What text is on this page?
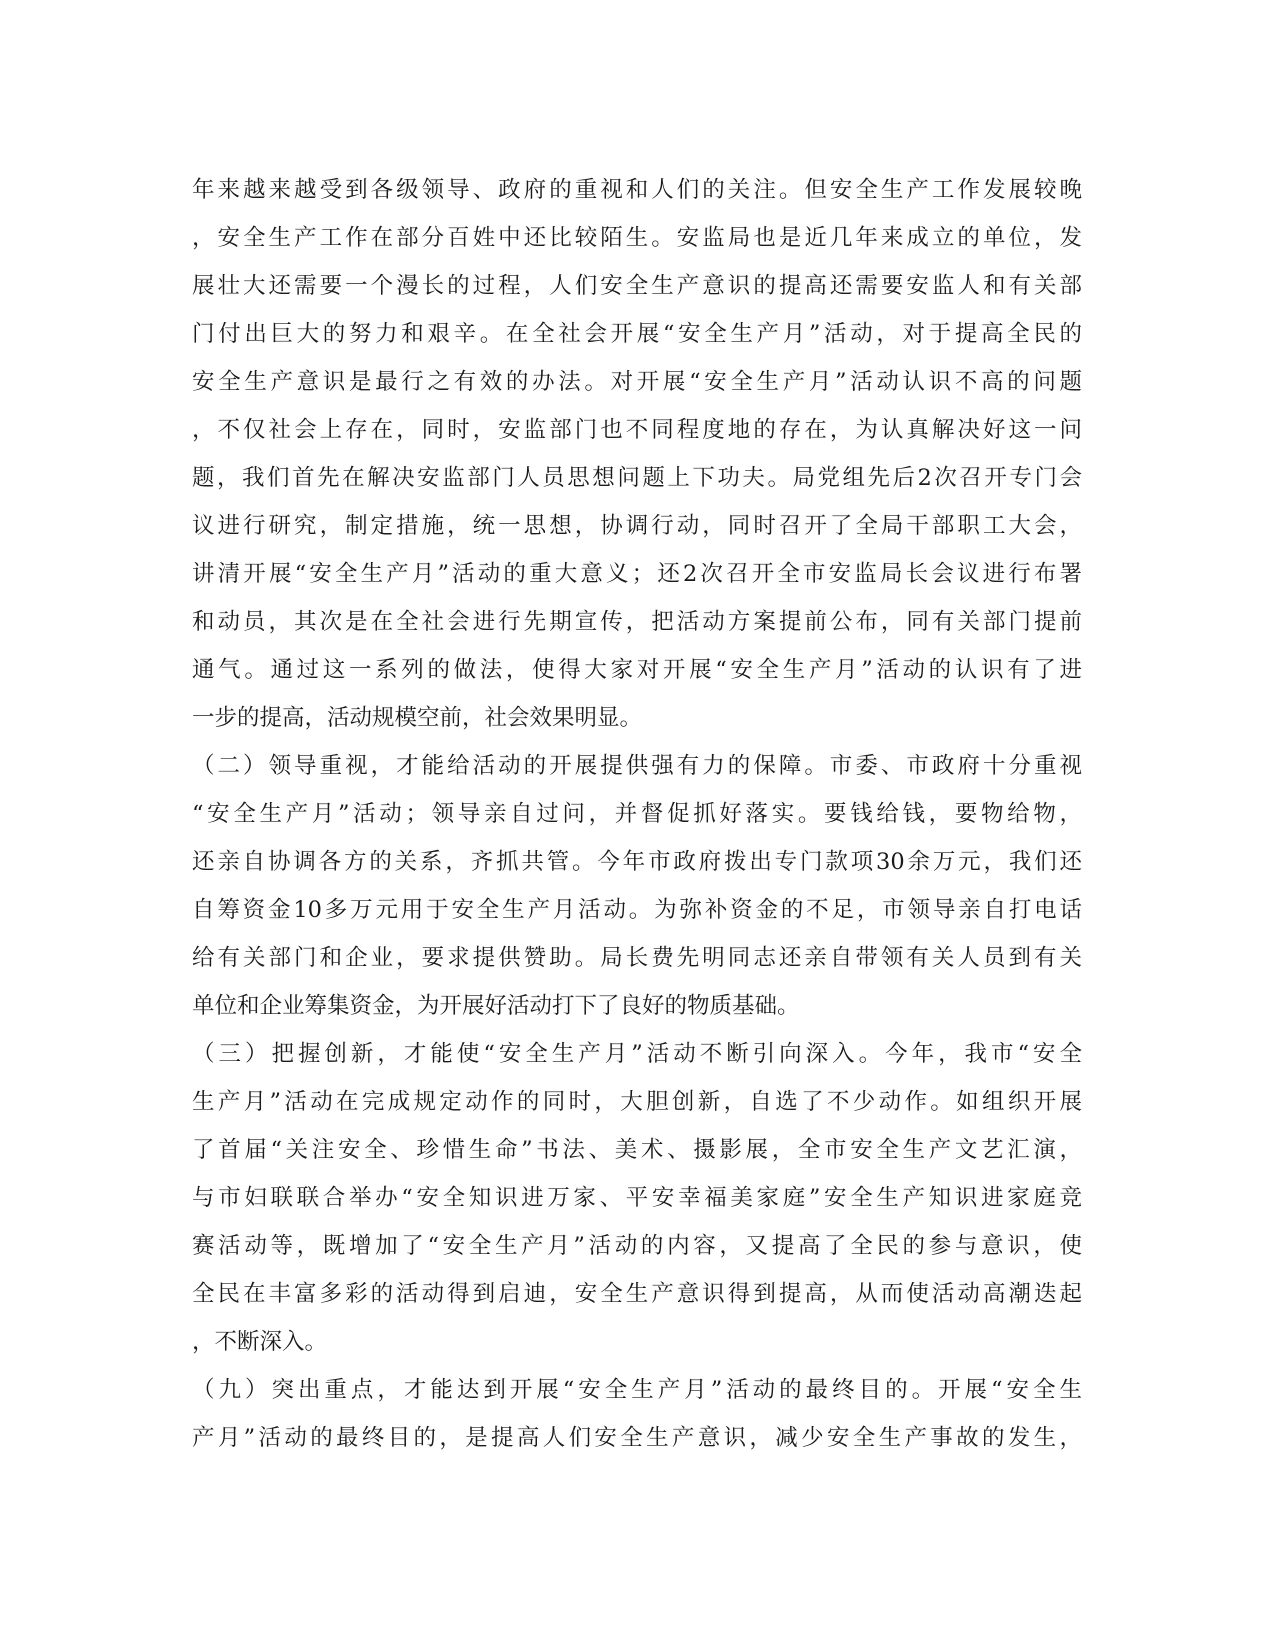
年来越来越受到各级领导、政府的重视和人们的关注。但安全生产工作发展较晚
，安全生产工作在部分百姓中还比较陌生。安监局也是近几年来成立的单位，发
展壮大还需要一个漫长的过程，人们安全生产意识的提高还需要安监人和有关部
门付出巨大的努力和艰辛。在全社会开展“安全生产月”活动，对于提高全民的
安全生产意识是最行之有效的办法。对开展“安全生产月”活动认识不高的问题
，不仅社会上存在，同时，安监部门也不同程度地的存在，为认真解决好这一问
题，我们首先在解决安监部门人员思想问题上下功夫。局党组先后2次召开专门会
议进行研究，制定措施，统一思想，协调行动，同时召开了全局干部职工大会，
讲清开展“安全生产月”活动的重大意义；还2次召开全市安监局长会议进行布署
和动员，其次是在全社会进行先期宣传，把活动方案提前公布，同有关部门提前
通气。通过这一系列的做法，使得大家对开展“安全生产月”活动的认识有了进
一步的提高，活动规模空前，社会效果明显。
（二）领导重视，才能给活动的开展提供强有力的保障。市委、市政府十分重视
“安全生产月”活动；领导亲自过问，并督促抓好落实。要钱给钱，要物给物，
还亲自协调各方的关系，齐抓共管。今年市政府拨出专门款项30余万元，我们还
自筹资金10多万元用于安全生产月活动。为弥补资金的不足，市领导亲自打电话
给有关部门和企业，要求提供赞助。局长费先明同志还亲自带领有关人员到有关
单位和企业筹集资金，为开展好活动打下了良好的物质基础。
（三）把握创新，才能使“安全生产月”活动不断引向深入。今年，我市“安全
生产月”活动在完成规定动作的同时，大胆创新，自选了不少动作。如组织开展
了首届“关注安全、珍惜生命”书法、美术、摄影展，全市安全生产文艺汇演，
与市妇联联合举办“安全知识进万家、平安幸福美家庭”安全生产知识进家庭竞
赛活动等，既增加了“安全生产月”活动的内容，又提高了全民的参与意识，使
全民在丰富多彩的活动得到启迪，安全生产意识得到提高，从而使活动高潮迭起
，不断深入。
（九）突出重点，才能达到开展“安全生产月”活动的最终目的。开展“安全生
产月”活动的最终目的，是提高人们安全生产意识，减少安全生产事故的发生，
